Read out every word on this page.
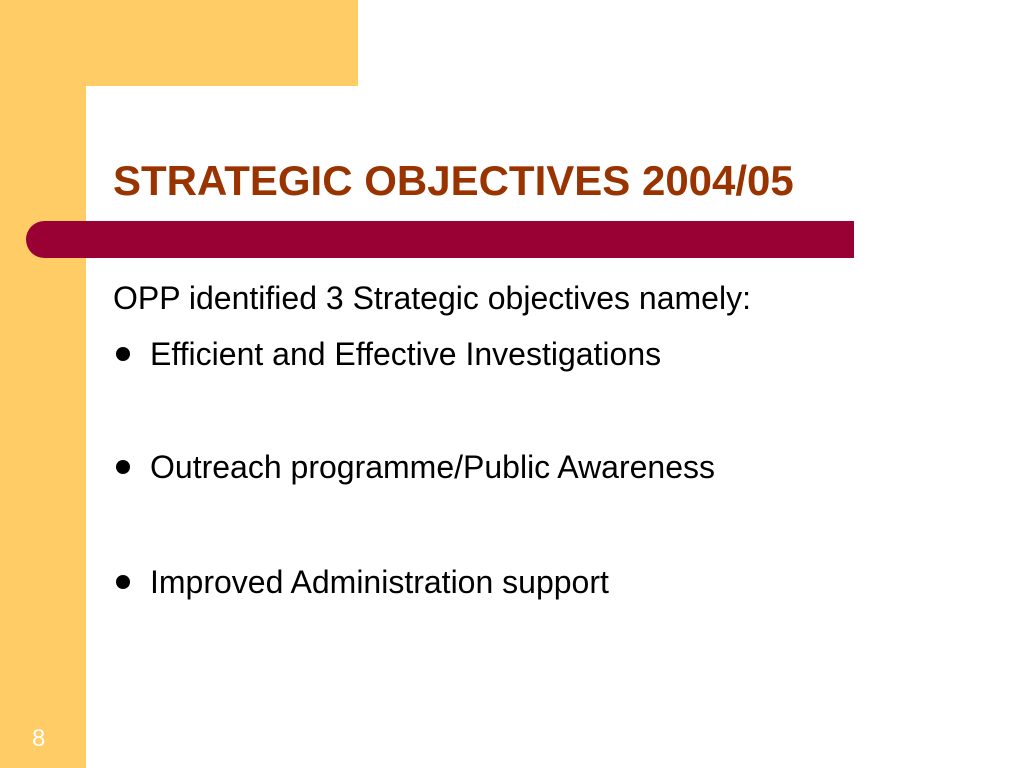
STRATEGIC OBJECTIVES 2004/05

OPP identified 3 Strategic objectives namely:

Efficient and Effective Investigations
Outreach programme/Public Awareness
Improved Administration support
8
